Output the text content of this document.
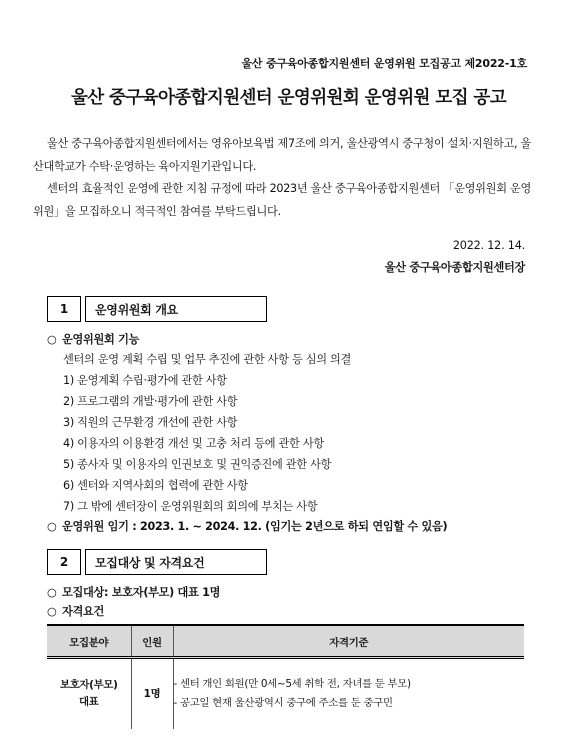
울산 중구육아종합지원센터 운영위원 모집공고 제2022-1호
울산 중구육아종합지원센터 운영위원회 운영위원 모집 공고

울산 중구육아종합지원센터에서는 영유아보육법 제7조에 의거, 울산광역시 중구청이 설치·지원하고, 울산대학교가 수탁·운영하는 육아지원기관입니다.

센터의 효율적인 운영에 관한 지침 규정에 따라 2023년 울산 중구육아종합지원센터 「운영위원회 운영위원」을 모집하오니 적극적인 참여를 부탁드립니다.

2022. 12. 14.
울산 중구육아종합지원센터장
1	운영위원회 개요
○ 운영위원회 기능
센터의 운영 계획 수립 및 업무 추진에 관한 사항 등 심의 의결
1) 운영계획 수립·평가에 관한 사항
2) 프로그램의 개발·평가에 관한 사항
3) 직원의 근무환경 개선에 관한 사항
4) 이용자의 이용환경 개선 및 고충 처리 등에 관한 사항
5) 종사자 및 이용자의 인권보호 및 권익증진에 관한 사항
6) 센터와 지역사회의 협력에 관한 사항
7) 그 밖에 센터장이 운영위원회의 회의에 부치는 사항
○ 운영위원 임기 : 2023. 1. ~ 2024. 12. (임기는 2년으로 하되 연임할 수 있음)
2	모집대상 및 자격요건
○ 모집대상: 보호자(부모) 대표 1명
○ 자격요건
모집분야	인원	자격기준
보호자(부모)
대표	1명	- 센터 개인 회원(만 0세~5세 취학 전, 자녀를 둔 부모)
- 공고일 현재 울산광역시 중구에 주소를 둔 중구민
